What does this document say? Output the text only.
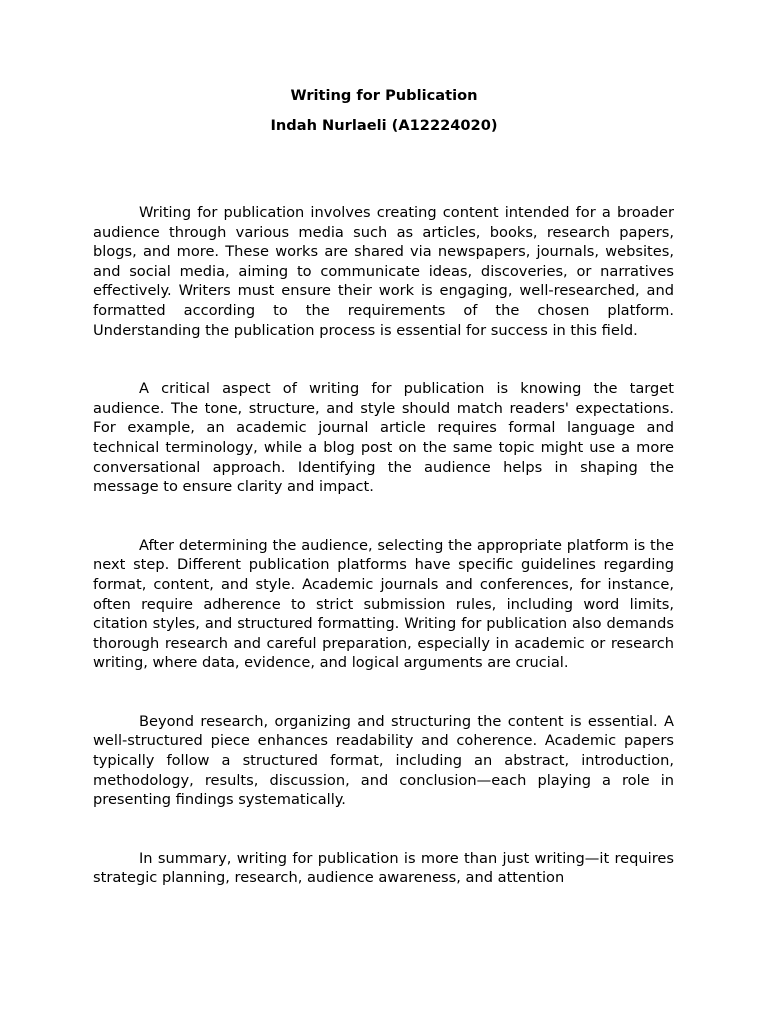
Writing for Publication
Indah Nurlaeli (A12224020)

Writing for publication involves creating content intended for a broader audience through various media such as articles, books, research papers, blogs, and more. These works are shared via newspapers, journals, websites, and social media, aiming to communicate ideas, discoveries, or narratives effectively. Writers must ensure their work is engaging, well-researched, and formatted according to the requirements of the chosen platform. Understanding the publication process is essential for success in this field.

A critical aspect of writing for publication is knowing the target audience. The tone, structure, and style should match readers' expectations. For example, an academic journal article requires formal language and technical terminology, while a blog post on the same topic might use a more conversational approach. Identifying the audience helps in shaping the message to ensure clarity and impact.

After determining the audience, selecting the appropriate platform is the next step. Different publication platforms have specific guidelines regarding format, content, and style. Academic journals and conferences, for instance, often require adherence to strict submission rules, including word limits, citation styles, and structured formatting. Writing for publication also demands thorough research and careful preparation, especially in academic or research writing, where data, evidence, and logical arguments are crucial.

Beyond research, organizing and structuring the content is essential. A well-structured piece enhances readability and coherence. Academic papers typically follow a structured format, including an abstract, introduction, methodology, results, discussion, and conclusion—each playing a role in presenting findings systematically.

In summary, writing for publication is more than just writing—it requires strategic planning, research, audience awareness, and attention
